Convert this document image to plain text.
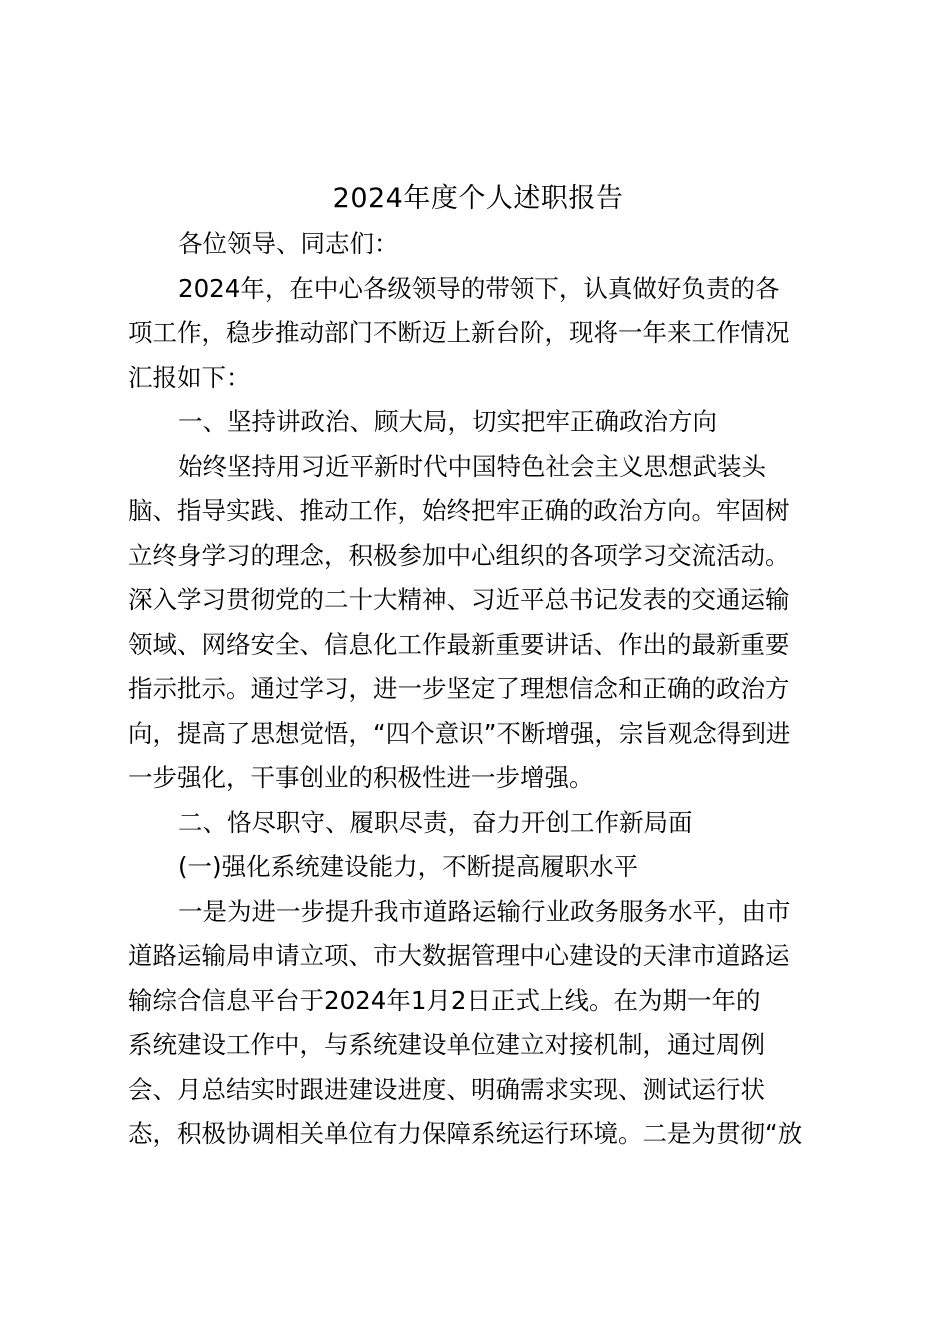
2024年度个人述职报告

各位领导、同志们：

2024年，在中心各级领导的带领下，认真做好负责的各

项工作，稳步推动部门不断迈上新台阶，现将一年来工作情况

汇报如下：

一、坚持讲政治、顾大局，切实把牢正确政治方向

始终坚持用习近平新时代中国特色社会主义思想武装头

脑、指导实践、推动工作，始终把牢正确的政治方向。牢固树

立终身学习的理念，积极参加中心组织的各项学习交流活动。

深入学习贯彻党的二十大精神、习近平总书记发表的交通运输

领域、网络安全、信息化工作最新重要讲话、作出的最新重要

指示批示。通过学习，进一步坚定了理想信念和正确的政治方

向，提高了思想觉悟，“四个意识”不断增强，宗旨观念得到进

一步强化，干事创业的积极性进一步增强。

二、恪尽职守、履职尽责，奋力开创工作新局面

(一)强化系统建设能力，不断提高履职水平

一是为进一步提升我市道路运输行业政务服务水平，由市

道路运输局申请立项、市大数据管理中心建设的天津市道路运

输综合信息平台于2024年1月2日正式上线。在为期一年的

系统建设工作中，与系统建设单位建立对接机制，通过周例

会、月总结实时跟进建设进度、明确需求实现、测试运行状

态，积极协调相关单位有力保障系统运行环境。二是为贯彻“放
